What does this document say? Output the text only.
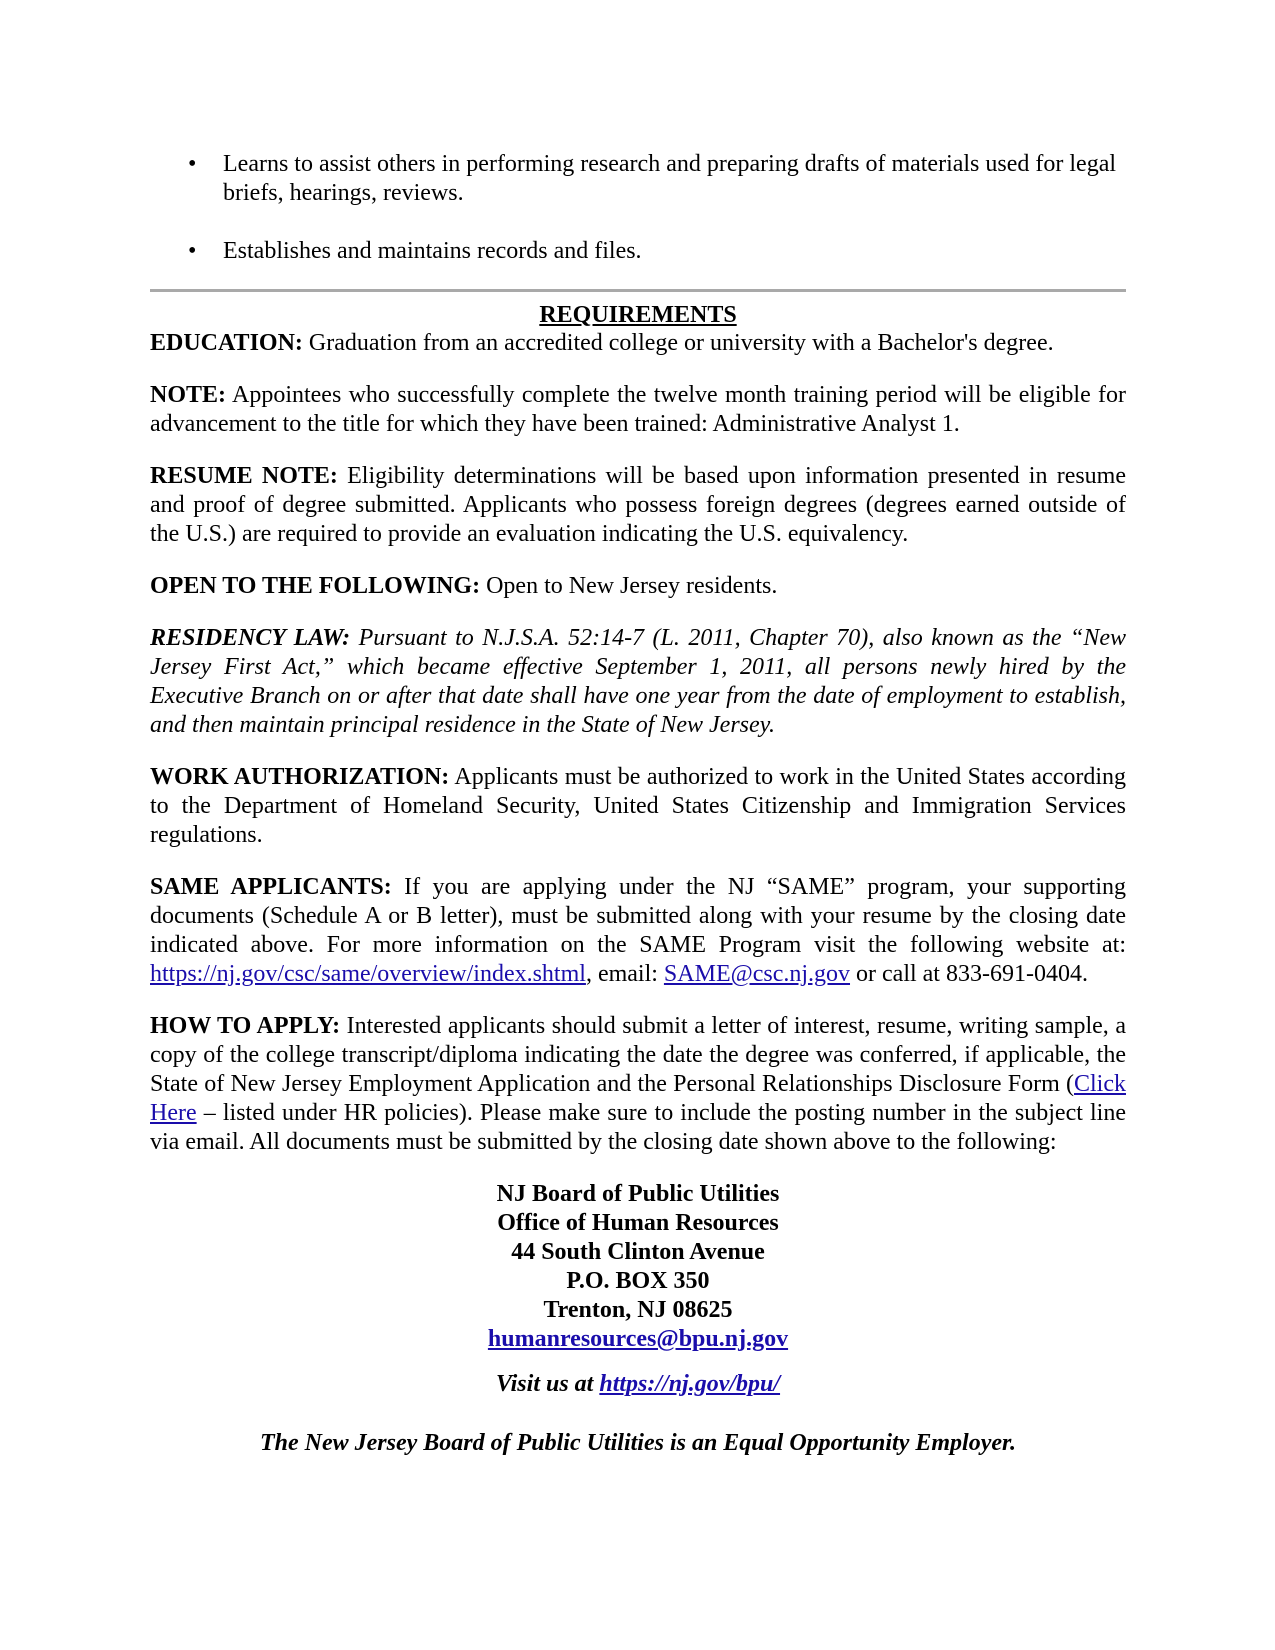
• Learns to assist others in performing research and preparing drafts of materials used for legal briefs, hearings, reviews.
• Establishes and maintains records and files.
REQUIREMENTS

EDUCATION: Graduation from an accredited college or university with a Bachelor's degree.

NOTE: Appointees who successfully complete the twelve month training period will be eligible for advancement to the title for which they have been trained: Administrative Analyst 1.

RESUME NOTE: Eligibility determinations will be based upon information presented in resume and proof of degree submitted. Applicants who possess foreign degrees (degrees earned outside of the U.S.) are required to provide an evaluation indicating the U.S. equivalency.

OPEN TO THE FOLLOWING: Open to New Jersey residents.

RESIDENCY LAW: Pursuant to N.J.S.A. 52:14-7 (L. 2011, Chapter 70), also known as the “New Jersey First Act,” which became effective September 1, 2011, all persons newly hired by the Executive Branch on or after that date shall have one year from the date of employment to establish, and then maintain principal residence in the State of New Jersey.

WORK AUTHORIZATION: Applicants must be authorized to work in the United States according to the Department of Homeland Security, United States Citizenship and Immigration Services regulations.

SAME APPLICANTS: If you are applying under the NJ “SAME” program, your supporting documents (Schedule A or B letter), must be submitted along with your resume by the closing date indicated above. For more information on the SAME Program visit the following website at: https://nj.gov/csc/same/overview/index.shtml, email: SAME@csc.nj.gov or call at 833-691-0404.

HOW TO APPLY: Interested applicants should submit a letter of interest, resume, writing sample, a copy of the college transcript/diploma indicating the date the degree was conferred, if applicable, the State of New Jersey Employment Application and the Personal Relationships Disclosure Form (Click Here – listed under HR policies). Please make sure to include the posting number in the subject line via email. All documents must be submitted by the closing date shown above to the following:

NJ Board of Public Utilities
Office of Human Resources
44 South Clinton Avenue
P.O. BOX 350
Trenton, NJ 08625
humanresources@bpu.nj.gov
Visit us at https://nj.gov/bpu/
The New Jersey Board of Public Utilities is an Equal Opportunity Employer.
